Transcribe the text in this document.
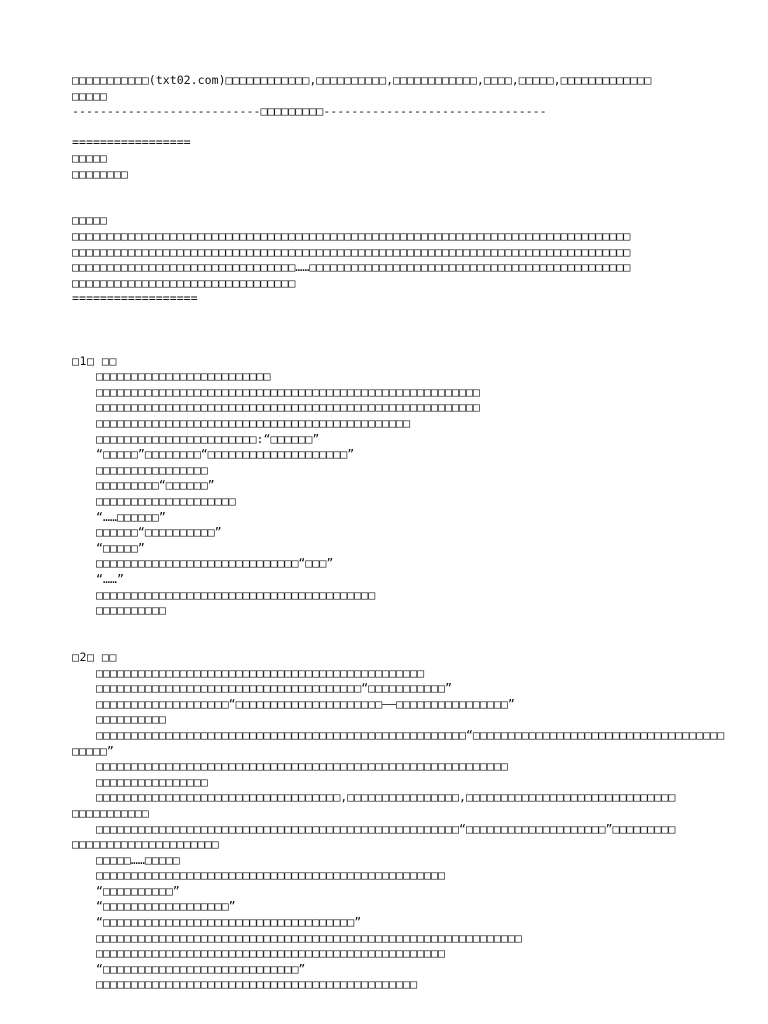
□□□□□□□□□□□(txt02.com)□□□□□□□□□□□□,□□□□□□□□□□,□□□□□□□□□□□□,□□□□,□□□□□,□□□□□□□□□□□□□
□□□□□
---------------------------□□□□□□□□□--------------------------------
=================
□□□□□
□□□□□□□□
□□□□□
□□□□□□□□□□□□□□□□□□□□□□□□□□□□□□□□□□□□□□□□□□□□□□□□□□□□□□□□□□□□□□□□□□□□□□□□□□□□□□□□
□□□□□□□□□□□□□□□□□□□□□□□□□□□□□□□□□□□□□□□□□□□□□□□□□□□□□□□□□□□□□□□□□□□□□□□□□□□□□□□□
□□□□□□□□□□□□□□□□□□□□□□□□□□□□□□□□……□□□□□□□□□□□□□□□□□□□□□□□□□□□□□□□□□□□□□□□□□□□□□□
□□□□□□□□□□□□□□□□□□□□□□□□□□□□□□□□
==================
□1□ □□
□□□□□□□□□□□□□□□□□□□□□□□□□
□□□□□□□□□□□□□□□□□□□□□□□□□□□□□□□□□□□□□□□□□□□□□□□□□□□□□□□
□□□□□□□□□□□□□□□□□□□□□□□□□□□□□□□□□□□□□□□□□□□□□□□□□□□□□□□
□□□□□□□□□□□□□□□□□□□□□□□□□□□□□□□□□□□□□□□□□□□□□
□□□□□□□□□□□□□□□□□□□□□□□:“□□□□□□”
“□□□□□”□□□□□□□□“□□□□□□□□□□□□□□□□□□□□”
□□□□□□□□□□□□□□□□
□□□□□□□□□“□□□□□□”
□□□□□□□□□□□□□□□□□□□□
“……□□□□□□”
□□□□□□“□□□□□□□□□□”
“□□□□□”
□□□□□□□□□□□□□□□□□□□□□□□□□□□□□“□□□”
“……”
□□□□□□□□□□□□□□□□□□□□□□□□□□□□□□□□□□□□□□□□
□□□□□□□□□□
□2□ □□
□□□□□□□□□□□□□□□□□□□□□□□□□□□□□□□□□□□□□□□□□□□□□□□
□□□□□□□□□□□□□□□□□□□□□□□□□□□□□□□□□□□□□□“□□□□□□□□□□□”
□□□□□□□□□□□□□□□□□□□“□□□□□□□□□□□□□□□□□□□□□——□□□□□□□□□□□□□□□□”
□□□□□□□□□□
□□□□□□□□□□□□□□□□□□□□□□□□□□□□□□□□□□□□□□□□□□□□□□□□□□□□□“□□□□□□□□□□□□□□□□□□□□□□□□□□□□□□□□□□□□
□□□□□”
□□□□□□□□□□□□□□□□□□□□□□□□□□□□□□□□□□□□□□□□□□□□□□□□□□□□□□□□□□□
□□□□□□□□□□□□□□□□
□□□□□□□□□□□□□□□□□□□□□□□□□□□□□□□□□□□,□□□□□□□□□□□□□□□□,□□□□□□□□□□□□□□□□□□□□□□□□□□□□□□
□□□□□□□□□□□
□□□□□□□□□□□□□□□□□□□□□□□□□□□□□□□□□□□□□□□□□□□□□□□□□□□□“□□□□□□□□□□□□□□□□□□□□”□□□□□□□□□
□□□□□□□□□□□□□□□□□□□□□
□□□□□……□□□□□
□□□□□□□□□□□□□□□□□□□□□□□□□□□□□□□□□□□□□□□□□□□□□□□□□□
“□□□□□□□□□□”
“□□□□□□□□□□□□□□□□□□”
“□□□□□□□□□□□□□□□□□□□□□□□□□□□□□□□□□□□□”
□□□□□□□□□□□□□□□□□□□□□□□□□□□□□□□□□□□□□□□□□□□□□□□□□□□□□□□□□□□□□
□□□□□□□□□□□□□□□□□□□□□□□□□□□□□□□□□□□□□□□□□□□□□□□□□□
“□□□□□□□□□□□□□□□□□□□□□□□□□□□□”
□□□□□□□□□□□□□□□□□□□□□□□□□□□□□□□□□□□□□□□□□□□□□□
